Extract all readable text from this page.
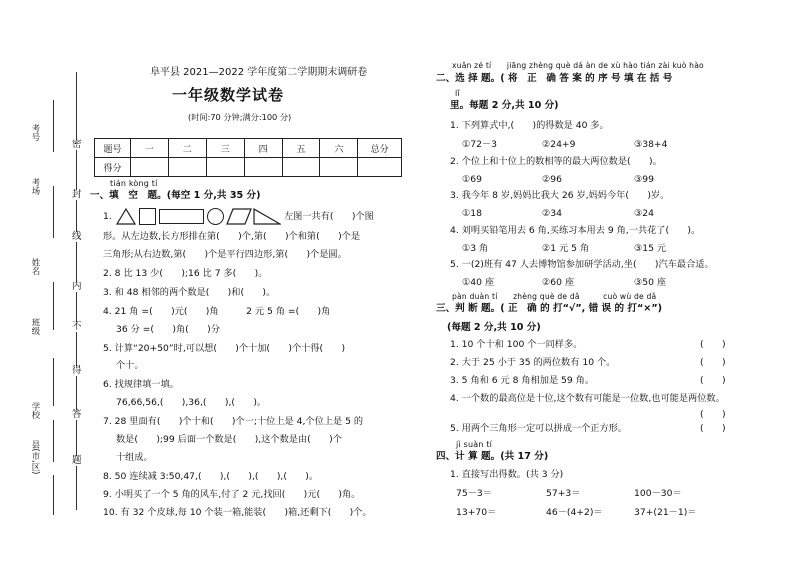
考号
考场
姓名
班级
学校
县(市,区)
密
封
线
内
不
得
答
题
阜平县 2021—2022 学年度第二学期期末调研卷
一年级数学试卷
(时间:70 分钟;满分:100 分)
题号	一	二	三	四	五	六	总分
得分							
tián kòng tí
一、填　空　题。(每空 1 分,共 35 分)
1.	左图一共有(　　)个图
形。从左边数,长方形排在第(　　)个,第(　　)个和第(　　)个是
三角形;从右边数,第(　　)个是平行四边形,第(　　)个是圆。
2. 8 比 13 少(　　);16 比 7 多(　　)。
3. 和 48 相邻的两个数是(　　)和(　　)。
4. 21 角 =(　　)元(　　)角　　　2 元 5 角 =(　　)角
36 分 =(　　)角(　　)分
5. 计算“20+50”时,可以想(　　)个十加(　　)个十得(　　)
个十。
6. 找规律填一填。
76,66,56,(　　),36,(　　),(　　)。
7. 28 里面有(　　)个十和(　　)个一;十位上是 4,个位上是 5 的
数是(　　);99 后面一个数是(　　),这个数是由(　　)个
十组成。
8. 50 连续减 3:50,47,(　　),(　　),(　　),(　　)。
9. 小明买了一个 5 角的风车,付了 2 元,找回(　　)元(　　)角。
10. 有 32 个皮球,每 10 个装一箱,能装(　　)箱,还剩下(　　)个。
xuǎn zé tí　　jiāng zhèng què dá àn de xù hào tián zài kuò hào
二、选 择 题。( 将　正　确 答 案 的 序 号 填 在 括 号
lǐ
里。每题 2 分,共 10 分)
1. 下列算式中,(　　)的得数是 40 多。
①72－3	②24+9	③38+4
2. 个位上和十位上的数相等的最大两位数是(　　)。
①69	②96	③99
3. 我今年 8 岁,妈妈比我大 26 岁,妈妈今年(　　)岁。
①18	②34	③24
4. 刘明买铅笔用去 6 角,买练习本用去 9 角,一共花了(　　)。
①3 角	②1 元 5 角	③15 元
5. 一(2)班有 47 人去博物馆参加研学活动,坐(　　)汽车最合适。
①40 座	②60 座	③50 座
pàn duàn tí　　zhèng què de dǎ　　　cuò wù de dǎ
三、判 断 题。( 正　确 的 打“√”, 错 误 的 打“×”)
(每题 2 分,共 10 分)
1. 10 个十和 100 个一同样多。	(　　)
2. 大于 25 小于 35 的两位数有 10 个。	(　　)
3. 5 角和 6 元 8 角相加是 59 角。	(　　)
4. 一个数的最高位是十位,这个数有可能是一位数,也可能是两位数。
(　　)
5. 用两个三角形一定可以拼成一个正方形。	(　　)
jì suàn tí
四、计 算 题。(共 17 分)
1. 直接写出得数。(共 3 分)
75－3＝	57+3＝	100－30＝
13+70＝	46－(4+2)＝	37+(21－1)＝
